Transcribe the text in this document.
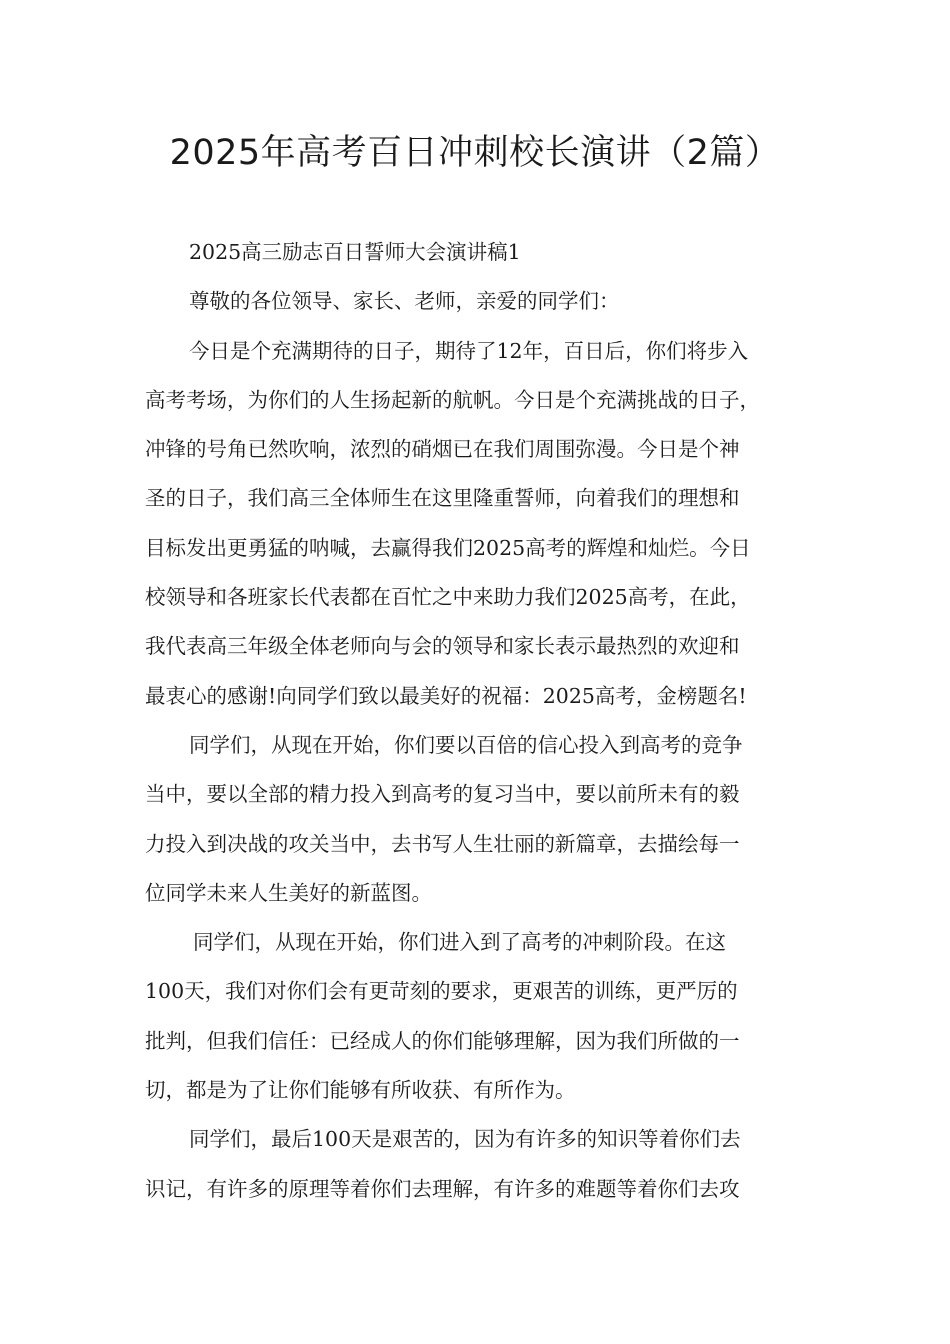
2025年高考百日冲刺校长演讲（2篇）
2025高三励志百日誓师大会演讲稿1
尊敬的各位领导、家长、老师，亲爱的同学们：
今日是个充满期待的日子，期待了12年，百日后，你们将步入
高考考场，为你们的人生扬起新的航帆。今日是个充满挑战的日子，
冲锋的号角已然吹响，浓烈的硝烟已在我们周围弥漫。今日是个神
圣的日子，我们高三全体师生在这里隆重誓师，向着我们的理想和
目标发出更勇猛的呐喊，去赢得我们2025高考的辉煌和灿烂。今日
校领导和各班家长代表都在百忙之中来助力我们2025高考，在此，
我代表高三年级全体老师向与会的领导和家长表示最热烈的欢迎和
最衷心的感谢!向同学们致以最美好的祝福：2025高考，金榜题名!
同学们，从现在开始，你们要以百倍的信心投入到高考的竞争
当中，要以全部的精力投入到高考的复习当中，要以前所未有的毅
力投入到决战的攻关当中，去书写人生壮丽的新篇章，去描绘每一
位同学未来人生美好的新蓝图。
同学们，从现在开始，你们进入到了高考的冲刺阶段。在这
100天，我们对你们会有更苛刻的要求，更艰苦的训练，更严厉的
批判，但我们信任：已经成人的你们能够理解，因为我们所做的一
切，都是为了让你们能够有所收获、有所作为。
同学们，最后100天是艰苦的，因为有许多的知识等着你们去
识记，有许多的原理等着你们去理解，有许多的难题等着你们去攻
